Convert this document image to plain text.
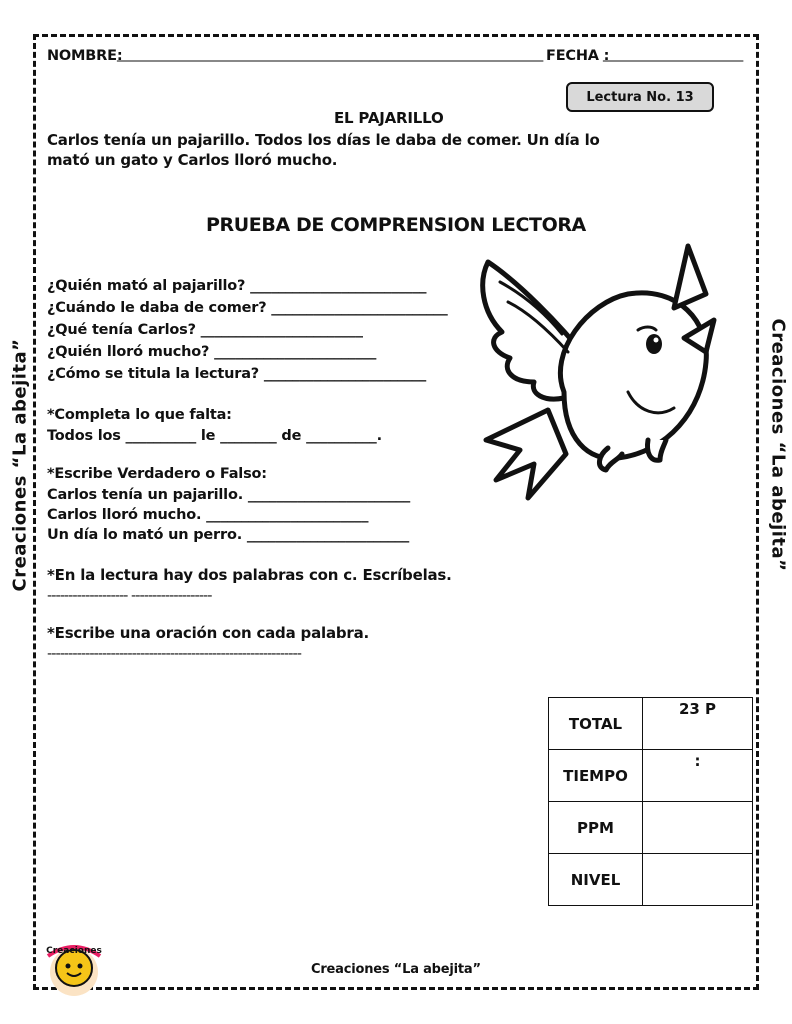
Creaciones “La abejita”	Creaciones “La abejita”
NOMBRE:
________________________________________________________________ FECHA :
_____________________
Lectura No. 13
EL PAJARILLO
Carlos tenía un pajarillo. Todos los días le daba de comer. Un día lo
mató un gato y Carlos lloró mucho.
PRUEBA DE COMPRENSION LECTORA
¿Quién mató al pajarillo? _________________________
¿Cuándo le daba de comer? _________________________
¿Qué tenía Carlos? _______________________
¿Quién lloró mucho? _______________________
¿Cómo se titula la lectura? _______________________
*Completa lo que falta:
Todos los __________ le ________ de __________.
*Escribe Verdadero o Falso:
Carlos tenía un pajarillo. _______________________
Carlos lloró mucho. _______________________
Un día lo mató un perro. _______________________
*En la lectura hay dos palabras con c. Escríbelas.
------------------- -------------------
*Escribe una oración con cada palabra.
------------------------------------------------------------
TOTAL	23 P
TIEMPO	:
PPM	
NIVEL	
Creaciones “La abejita”
Creaciones
